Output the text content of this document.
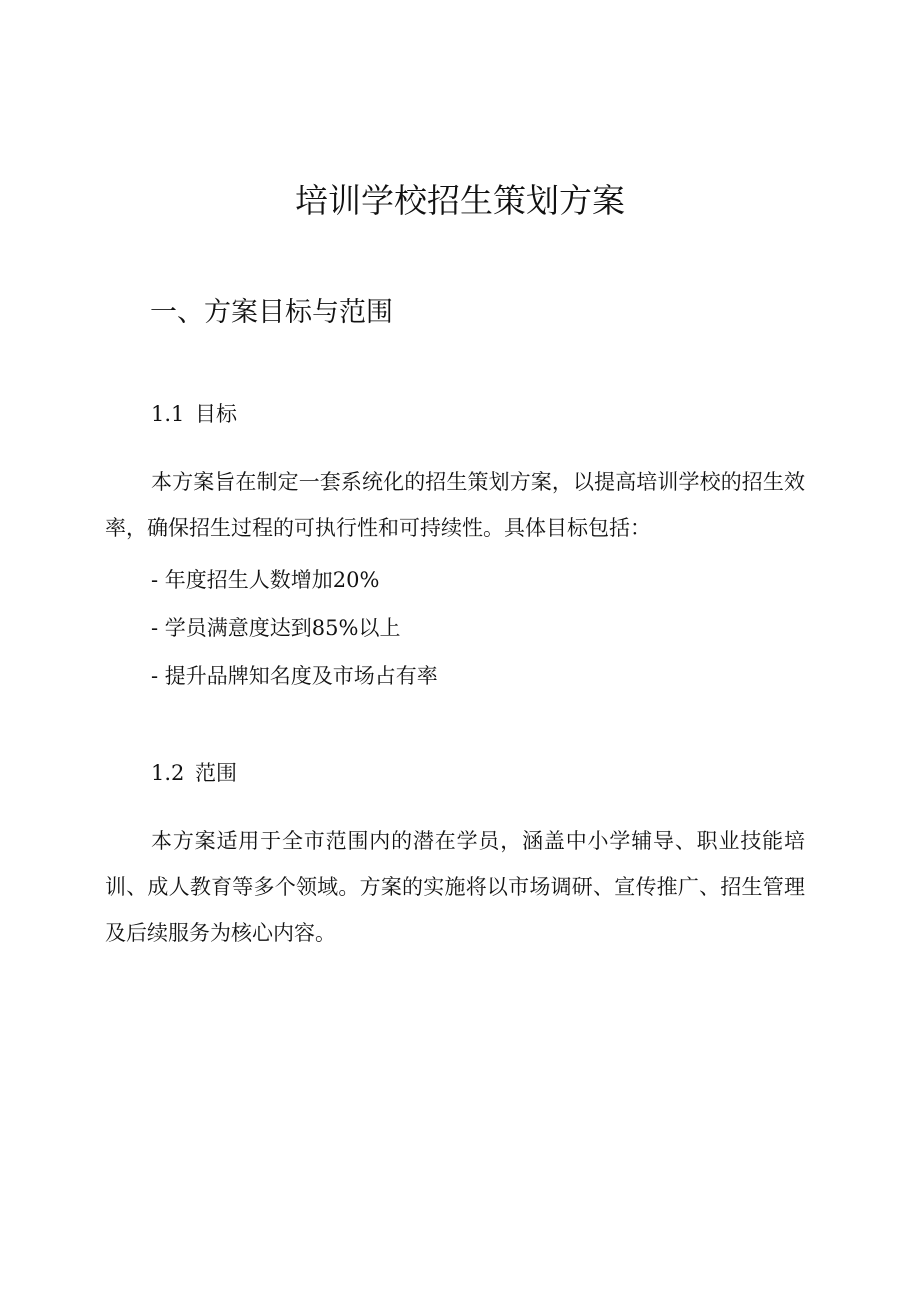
培训学校招生策划方案
一、方案目标与范围
1.1 目标

本方案旨在制定一套系统化的招生策划方案，以提高培训学校的招生效率，确保招生过程的可执行性和可持续性。具体目标包括：

- 年度招生人数增加20%
- 学员满意度达到85%以上
- 提升品牌知名度及市场占有率
1.2 范围

本方案适用于全市范围内的潜在学员，涵盖中小学辅导、职业技能培训、成人教育等多个领域。方案的实施将以市场调研、宣传推广、招生管理及后续服务为核心内容。
